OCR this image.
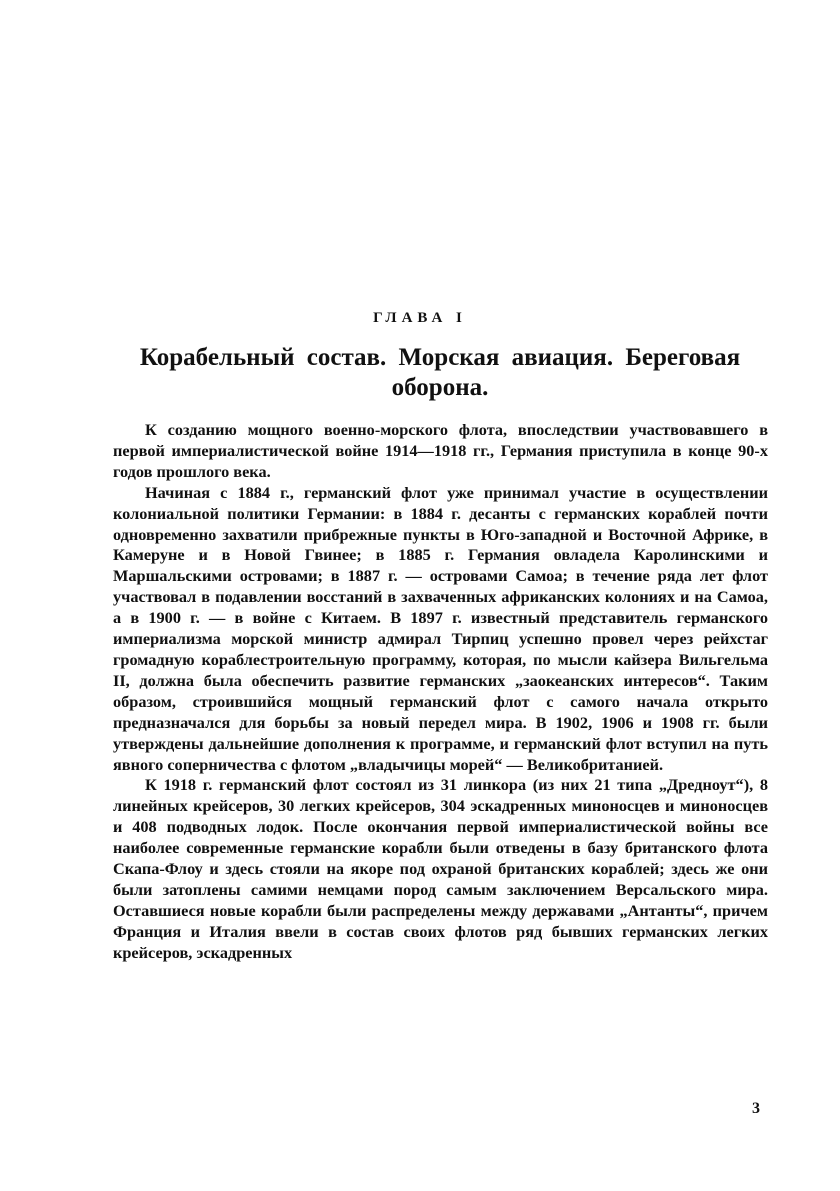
ГЛАВА I
Корабельный состав. Морская авиация. Береговая оборона.

К созданию мощного военно-морского флота, впоследствии участвовавшего в первой империалистической войне 1914—1918 гг., Германия приступила в конце 90-х годов прошлого века.

Начиная с 1884 г., германский флот уже принимал участие в осуществлении колониальной политики Германии: в 1884 г. десанты с германских кораблей почти одновременно захватили прибрежные пункты в Юго-западной и Восточной Африке, в Камеруне и в Новой Гвинее; в 1885 г. Германия овладела Каролинскими и Маршальскими островами; в 1887 г. — островами Самоа; в течение ряда лет флот участвовал в подавлении восстаний в захваченных африканских колониях и на Самоа, а в 1900 г. — в войне с Китаем. В 1897 г. известный представитель германского империализма морской министр адмирал Тирпиц успешно провел через рейхстаг громадную кораблестроительную программу, которая, по мысли кайзера Вильгельма II, должна была обеспечить развитие германских „заокеанских интересов“. Таким образом, строившийся мощный германский флот с самого начала открыто предназначался для борьбы за новый передел мира. В 1902, 1906 и 1908 гг. были утверждены дальнейшие дополнения к программе, и германский флот вступил на путь явного соперничества с флотом „владычицы морей“ — Великобританией.

К 1918 г. германский флот состоял из 31 линкора (из них 21 типа „Дредноут“), 8 линейных крейсеров, 30 легких крейсеров, 304 эскадренных миноносцев и миноносцев и 408 подводных лодок. После окончания первой империалистической войны все наиболее современные германские корабли были отведены в базу британского флота Скапа-Флоу и здесь стояли на якоре под охраной британских кораблей; здесь же они были затоплены самими немцами пород самым заключением Версальского мира. Оставшиеся новые корабли были распределены между державами „Антанты“, причем Франция и Италия ввели в состав своих флотов ряд бывших германских легких крейсеров, эскадренных

3
